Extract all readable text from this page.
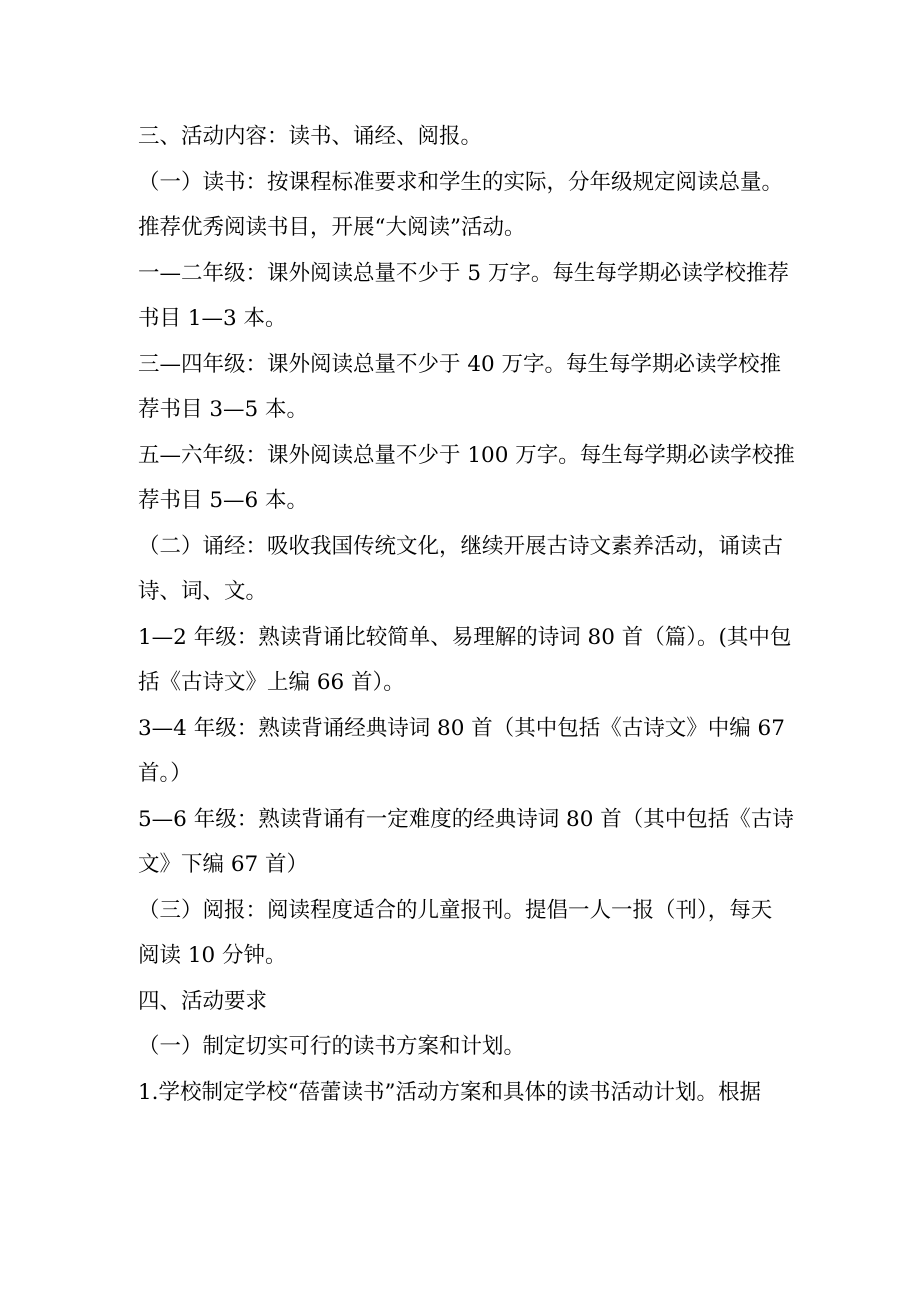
三、活动内容：读书、诵经、阅报。
（一）读书：按课程标准要求和学生的实际，分年级规定阅读总量。
推荐优秀阅读书目，开展“大阅读”活动。
一—二年级：课外阅读总量不少于 5 万字。每生每学期必读学校推荐
书目 1—3 本。
三—四年级：课外阅读总量不少于 40 万字。每生每学期必读学校推
荐书目 3—5 本。
五—六年级：课外阅读总量不少于 100 万字。每生每学期必读学校推
荐书目 5—6 本。
（二）诵经：吸收我国传统文化，继续开展古诗文素养活动，诵读古
诗、词、文。
1—2 年级：熟读背诵比较简单、易理解的诗词 80 首（篇）。(其中包
括《古诗文》上编 66 首）。
3—4 年级：熟读背诵经典诗词 80 首（其中包括《古诗文》中编 67
首。）
5—6 年级：熟读背诵有一定难度的经典诗词 80 首（其中包括《古诗
文》下编 67 首）
（三）阅报：阅读程度适合的儿童报刊。提倡一人一报（刊），每天
阅读 10 分钟。
四、活动要求
（一）制定切实可行的读书方案和计划。
1.学校制定学校“蓓蕾读书”活动方案和具体的读书活动计划。根据
